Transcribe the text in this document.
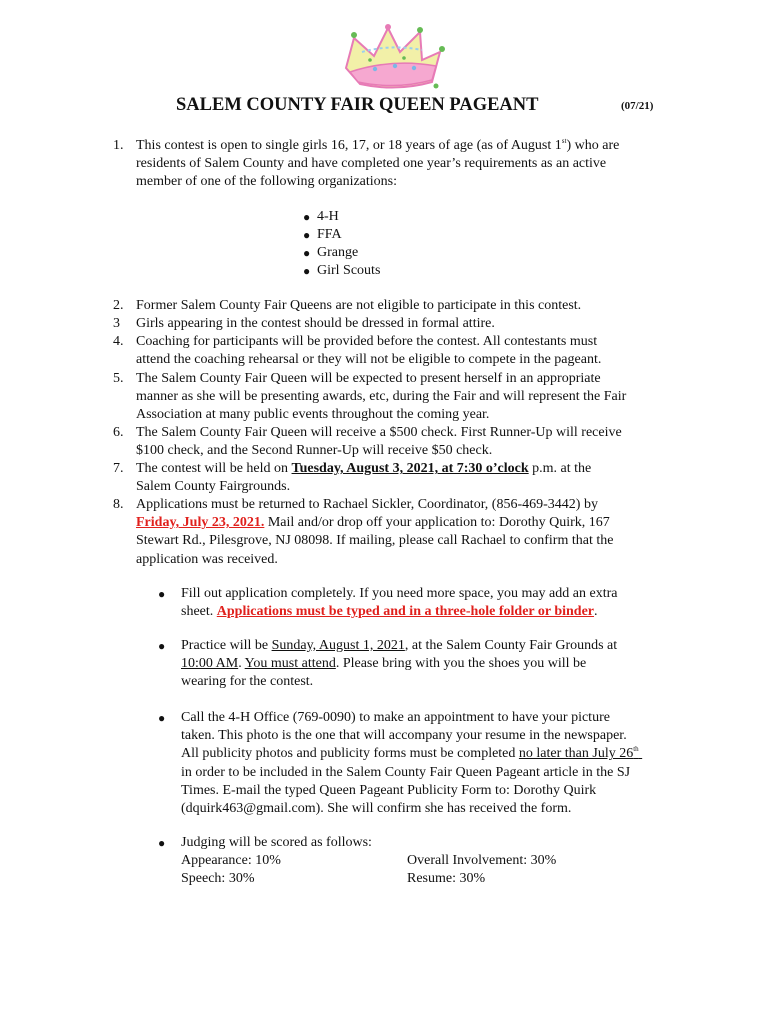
SALEM COUNTY FAIR QUEEN PAGEANT	(07/21)
1. This contest is open to single girls 16, 17, or 18 years of age (as of August 1st) who are
residents of Salem County and have completed one year’s requirements as an active
member of one of the following organizations:
● 4-H
● FFA
● Grange
● Girl Scouts
2. Former Salem County Fair Queens are not eligible to participate in this contest.
3 Girls appearing in the contest should be dressed in formal attire.
4. Coaching for participants will be provided before the contest. All contestants must
attend the coaching rehearsal or they will not be eligible to compete in the pageant.
5. The Salem County Fair Queen will be expected to present herself in an appropriate
manner as she will be presenting awards, etc, during the Fair and will represent the Fair
Association at many public events throughout the coming year.
6. The Salem County Fair Queen will receive a $500 check. First Runner-Up will receive
$100 check, and the Second Runner-Up will receive $50 check.
7. The contest will be held on Tuesday, August 3, 2021, at 7:30 o’clock p.m. at the
Salem County Fairgrounds.
8. Applications must be returned to Rachael Sickler, Coordinator, (856-469-3442) by
Friday, July 23, 2021. Mail and/or drop off your application to: Dorothy Quirk, 167
Stewart Rd., Pilesgrove, NJ 08098. If mailing, please call Rachael to confirm that the
application was received.
● Fill out application completely. If you need more space, you may add an extra
sheet. Applications must be typed and in a three-hole folder or binder.
● Practice will be Sunday, August 1, 2021, at the Salem County Fair Grounds at
10:00 AM. You must attend. Please bring with you the shoes you will be
wearing for the contest.
● Call the 4-H Office (769-0090) to make an appointment to have your picture
taken. This photo is the one that will accompany your resume in the newspaper.
All publicity photos and publicity forms must be completed no later than July 26th
in order to be included in the Salem County Fair Queen Pageant article in the SJ
Times. E-mail the typed Queen Pageant Publicity Form to: Dorothy Quirk
(dquirk463@gmail.com). She will confirm she has received the form.
● Judging will be scored as follows:
Appearance: 10%	Overall Involvement: 30%
Speech: 30%	Resume: 30%
